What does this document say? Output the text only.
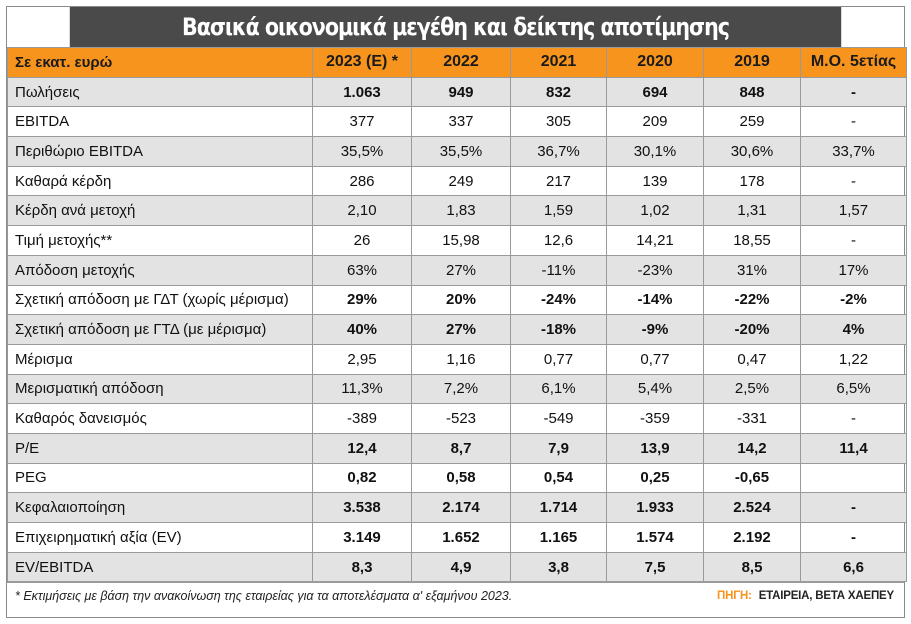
Βασικά οικονομικά μεγέθη και δείκτης αποτίμησης
Σε εκατ. ευρώ	2023 (Ε) *	2022	2021	2020	2019	Μ.Ο. 5ετίας
Πωλήσεις	1.063	949	832	694	848	-
EBITDA	377	337	305	209	259	-
Περιθώριο EBITDA	35,5%	35,5%	36,7%	30,1%	30,6%	33,7%
Καθαρά κέρδη	286	249	217	139	178	-
Κέρδη ανά μετοχή	2,10	1,83	1,59	1,02	1,31	1,57
Τιμή μετοχής**	26	15,98	12,6	14,21	18,55	-
Απόδοση μετοχής	63%	27%	-11%	-23%	31%	17%
Σχετική απόδοση με ΓΔΤ (χωρίς μέρισμα)	29%	20%	-24%	-14%	-22%	-2%
Σχετική απόδοση με ΓΤΔ (με μέρισμα)	40%	27%	-18%	-9%	-20%	4%
Μέρισμα	2,95	1,16	0,77	0,77	0,47	1,22
Μερισματική απόδοση	11,3%	7,2%	6,1%	5,4%	2,5%	6,5%
Καθαρός δανεισμός	-389	-523	-549	-359	-331	-
P/E	12,4	8,7	7,9	13,9	14,2	11,4
PEG	0,82	0,58	0,54	0,25	-0,65	
Κεφαλαιοποίηση	3.538	2.174	1.714	1.933	2.524	-
Επιχειρηματική αξία (EV)	3.149	1.652	1.165	1.574	2.192	-
EV/EBITDA	8,3	4,9	3,8	7,5	8,5	6,6
* Εκτιμήσεις με βάση την ανακοίνωση της εταιρείας για τα αποτελέσματα α' εξαμήνου 2023.	ΠΗΓΗ: ΕΤΑΙΡΕΙΑ, ΒΕΤΑ ΧΑΕΠΕΥ
